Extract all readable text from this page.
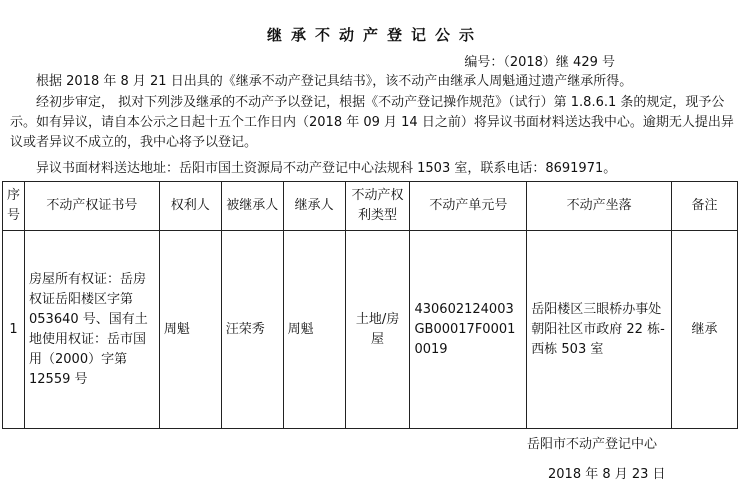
继承不动产登记公示
编号：（2018）继 429 号
根据 2018 年 8 月 21 日出具的《继承不动产登记具结书》，该不动产由继承人周魁通过遗产继承所得。
经初步审定， 拟对下列涉及继承的不动产予以登记，根据《不动产登记操作规范》（试行）第 1.8.6.1 条的规定，现予公示。如有异议，请自本公示之日起十五个工作日内（2018 年 09 月 14 日之前）将异议书面材料送达我中心。逾期无人提出异议或者异议不成立的，我中心将予以登记。
异议书面材料送达地址：岳阳市国土资源局不动产登记中心法规科 1503 室，联系电话：8691971。
序号	不动产权证书号	权利人	被继承人	继承人	不动产权利类型	不动产单元号	不动产坐落	备注
1	房屋所有权证：岳房权证岳阳楼区字第 053640 号、国有土地使用权证：岳市国用（2000）字第 12559 号	周魁	汪荣秀	周魁	土地/房屋	430602124003GB00017F00010019	岳阳楼区三眼桥办事处朝阳社区市政府 22 栋-西栋 503 室	继承
岳阳市不动产登记中心
2018 年 8 月 23 日
